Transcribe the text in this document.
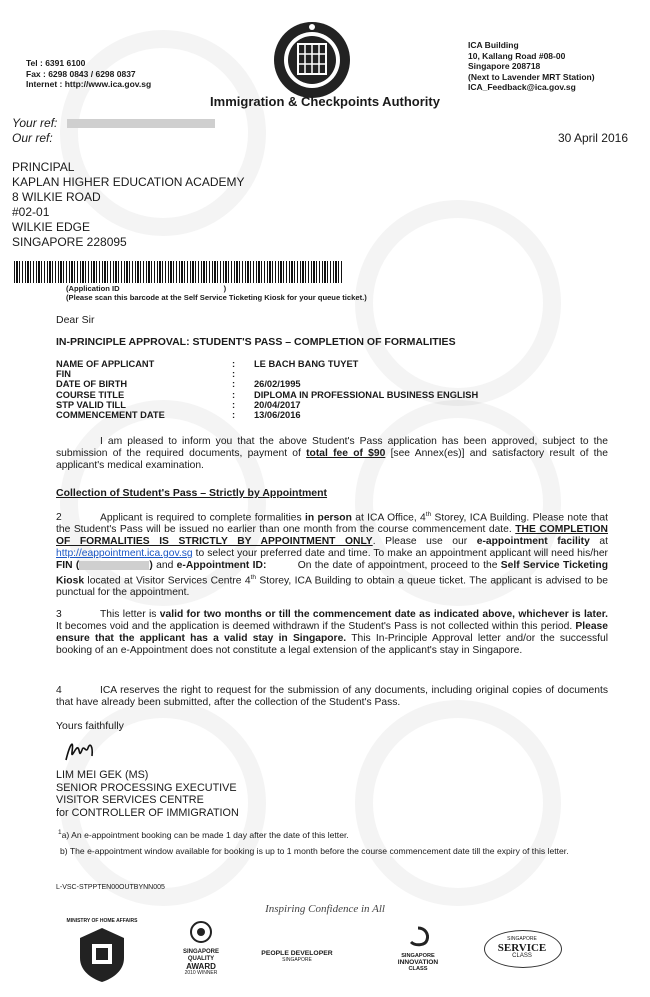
Tel : 6391 6100
Fax : 6298 0843 / 6298 0837
Internet : http://www.ica.gov.sg
ICA Building
10, Kallang Road #08-00
Singapore 208718
(Next to Lavender MRT Station)
ICA_Feedback@ica.gov.sg
Immigration & Checkpoints Authority
Your ref:
Our ref:	30 April 2016
PRINCIPAL
KAPLAN HIGHER EDUCATION ACADEMY
8 WILKIE ROAD
#02-01
WILKIE EDGE
SINGAPORE 228095
(Application ID	)
(Please scan this barcode at the Self Service Ticketing Kiosk for your queue ticket.)
Dear Sir
IN-PRINCIPLE APPROVAL: STUDENT'S PASS – COMPLETION OF FORMALITIES
NAME OF APPLICANT	:	LE BACH BANG TUYET
FIN	:
DATE OF BIRTH	:	26/02/1995
COURSE TITLE	:	DIPLOMA IN PROFESSIONAL BUSINESS ENGLISH
STP VALID TILL	:	20/04/2017
COMMENCEMENT DATE	:	13/06/2016
I am pleased to inform you that the above Student's Pass application has been approved, subject to the submission of the required documents, payment of total fee of $90 [see Annex(es)] and satisfactory result of the applicant's medical examination.
Collection of Student's Pass – Strictly by Appointment
2	Applicant is required to complete formalities in person at ICA Office, 4th Storey, ICA Building. Please note that the Student's Pass will be issued no earlier than one month from the course commencement date. THE COMPLETION OF FORMALITIES IS STRICTLY BY APPOINTMENT ONLY. Please use our e-appointment facility at http://eappointment.ica.gov.sg to select your preferred date and time. To make an appointment applicant will need his/her FIN (	) and e-Appointment ID:	On the date of appointment, proceed to the Self Service Ticketing Kiosk located at Visitor Services Centre 4th Storey, ICA Building to obtain a queue ticket. The applicant is advised to be punctual for the appointment.
3	This letter is valid for two months or till the commencement date as indicated above, whichever is later. It becomes void and the application is deemed withdrawn if the Student's Pass is not collected within this period. Please ensure that the applicant has a valid stay in Singapore. This In-Principle Approval letter and/or the successful booking of an e-Appointment does not constitute a legal extension of the applicant's stay in Singapore.
4	ICA reserves the right to request for the submission of any documents, including original copies of documents that have already been submitted, after the collection of the Student's Pass.
Yours faithfully
LIM MEI GEK (MS)
SENIOR PROCESSING EXECUTIVE
VISITOR SERVICES CENTRE
for CONTROLLER OF IMMIGRATION
$^1$a) An e-appointment booking can be made 1 day after the date of this letter.
b) The e-appointment window available for booking is up to 1 month before the course commencement date till the expiry of this letter.
L-VSC-STPPTEN00OUTBYNN005
Inspiring Confidence in All
MINISTRY OF HOME AFFAIRS
SINGAPORE
QUALITY
AWARD
2010 WINNER
PEOPLE DEVELOPER
SINGAPORE
SINGAPORE
INNOVATION
CLASS
SINGAPORE
SERVICE
CLASS
